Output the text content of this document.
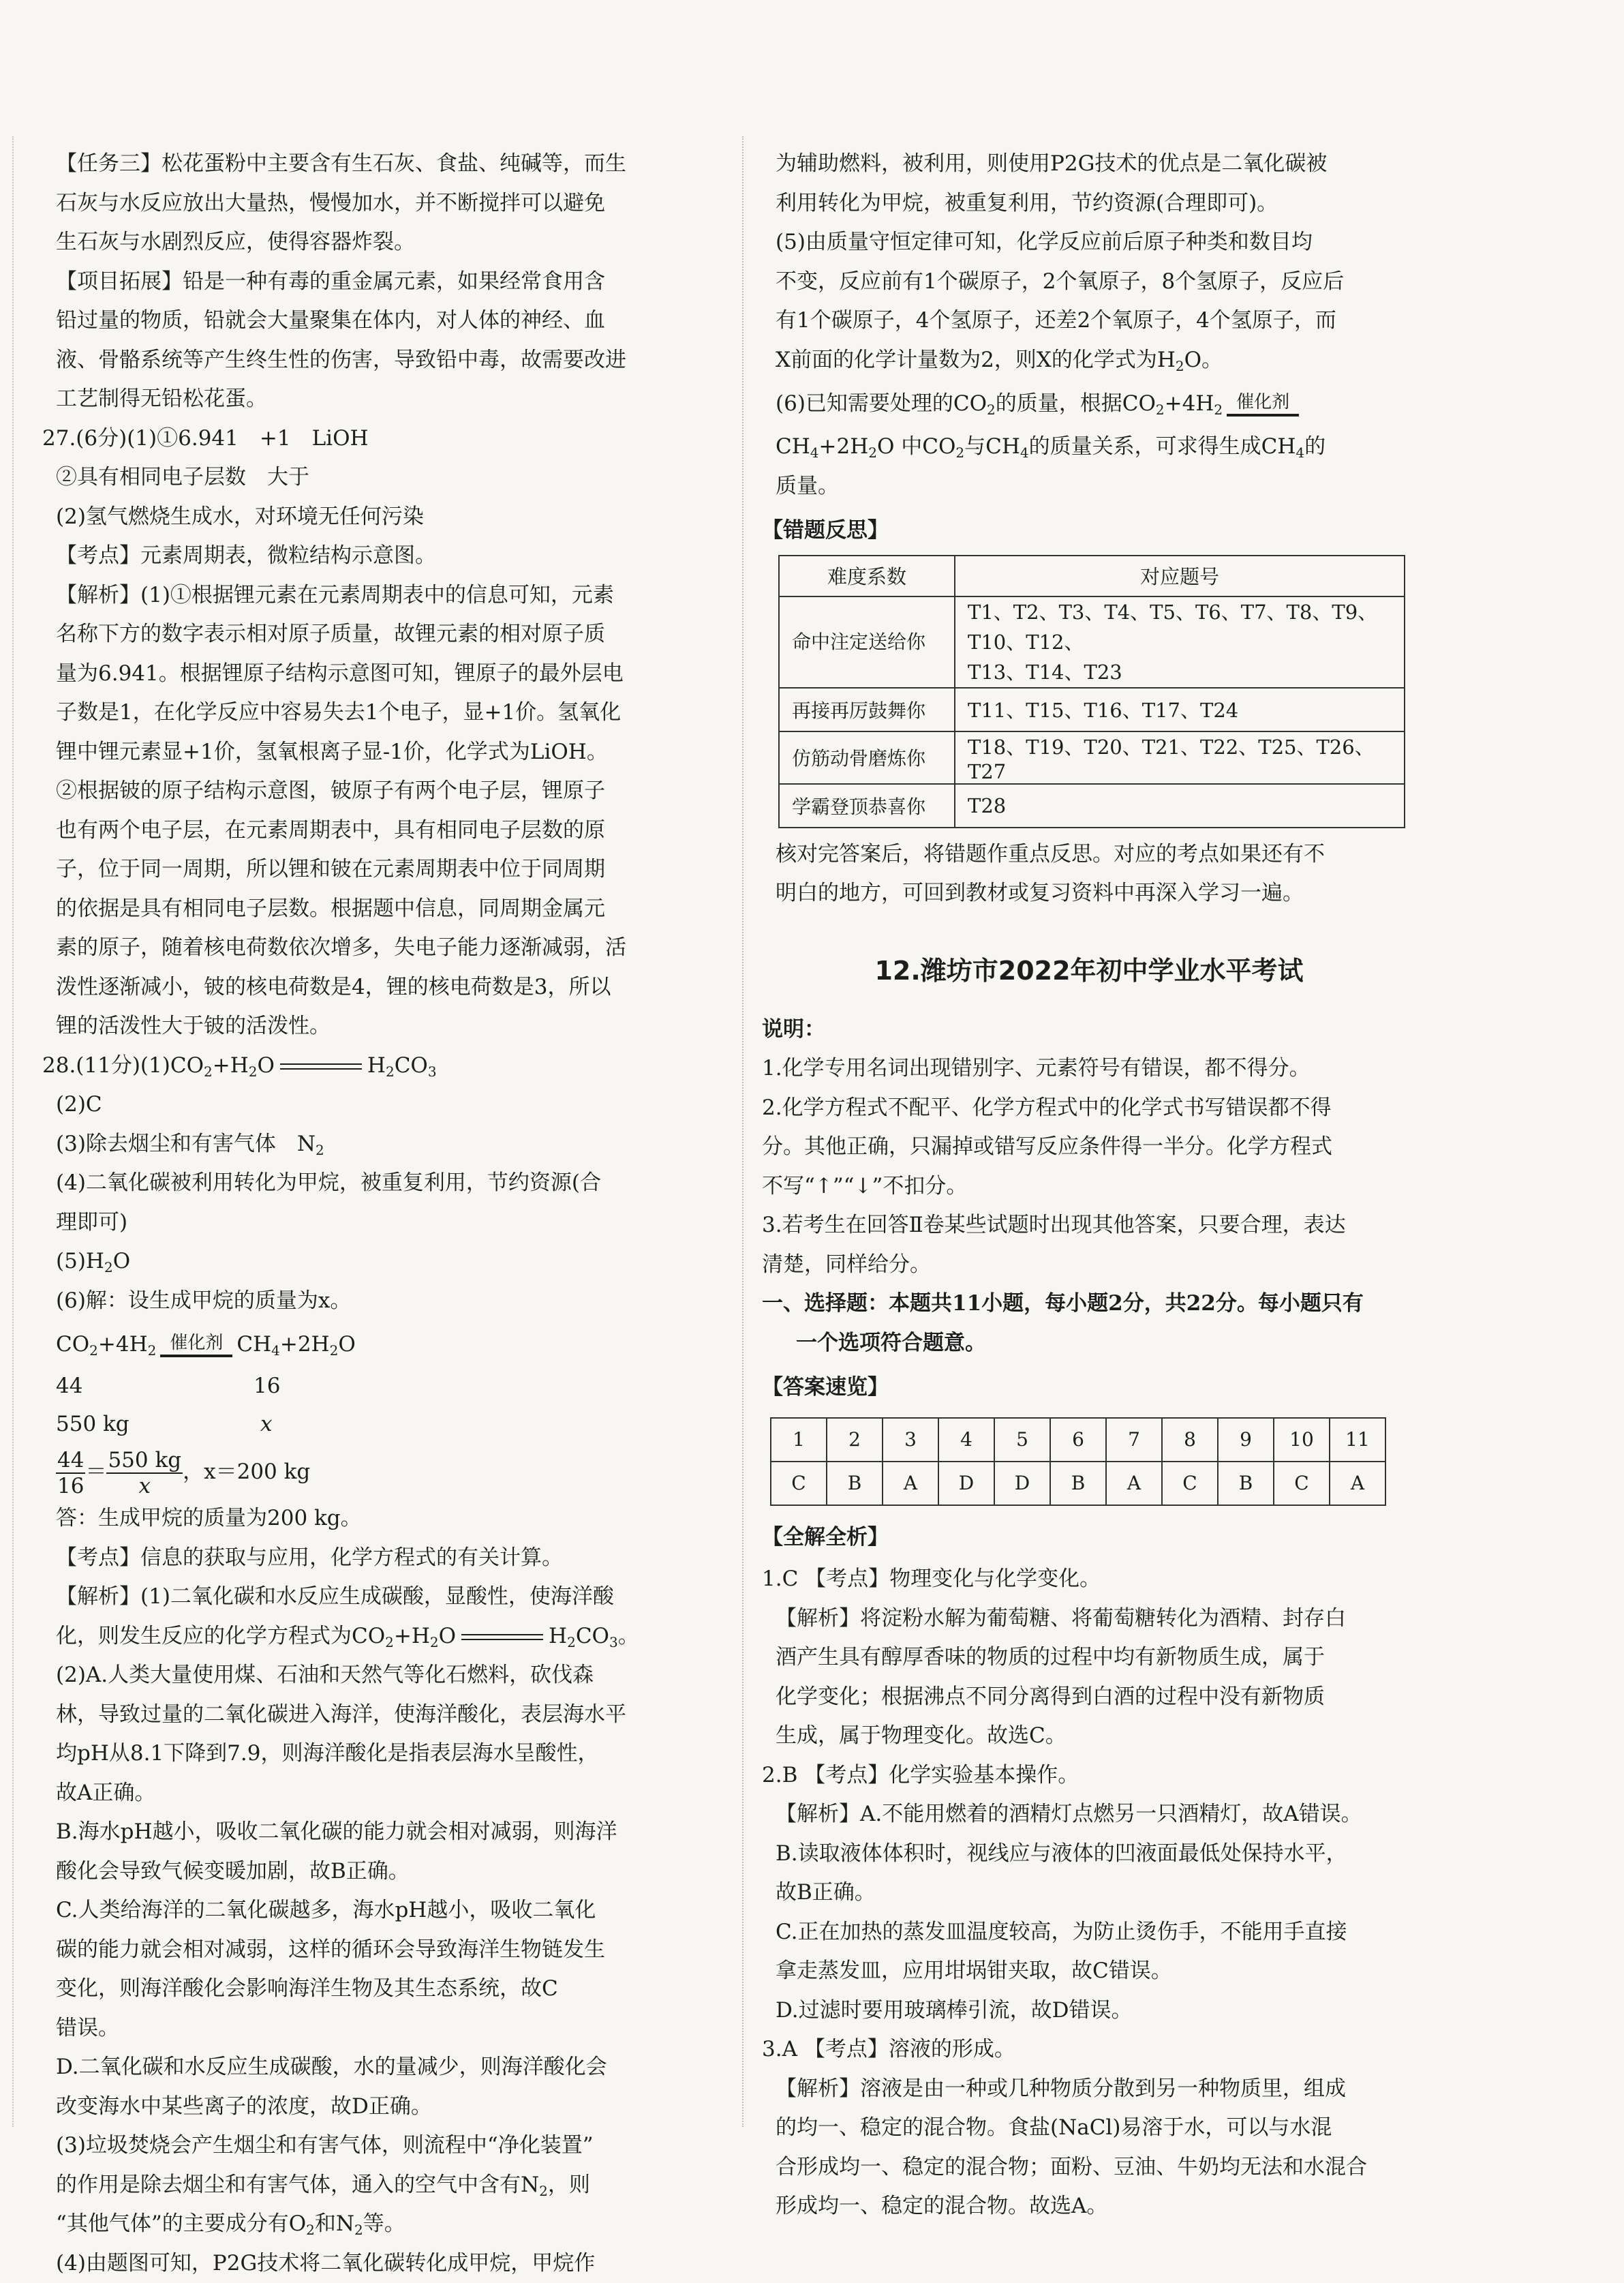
【任务三】松花蛋粉中主要含有生石灰、食盐、纯碱等，而生

石灰与水反应放出大量热，慢慢加水，并不断搅拌可以避免

生石灰与水剧烈反应，使得容器炸裂。

【项目拓展】铅是一种有毒的重金属元素，如果经常食用含

铅过量的物质，铅就会大量聚集在体内，对人体的神经、血

液、骨骼系统等产生终生性的伤害，导致铅中毒，故需要改进

工艺制得无铅松花蛋。

27.(6分)(1)①6.941　+1　LiOH

②具有相同电子层数　大于

(2)氢气燃烧生成水，对环境无任何污染

【考点】元素周期表，微粒结构示意图。

【解析】(1)①根据锂元素在元素周期表中的信息可知，元素

名称下方的数字表示相对原子质量，故锂元素的相对原子质

量为6.941。根据锂原子结构示意图可知，锂原子的最外层电

子数是1，在化学反应中容易失去1个电子，显+1价。氢氧化

锂中锂元素显+1价，氢氧根离子显-1价，化学式为LiOH。

②根据铍的原子结构示意图，铍原子有两个电子层，锂原子

也有两个电子层，在元素周期表中，具有相同电子层数的原

子，位于同一周期，所以锂和铍在元素周期表中位于同周期

的依据是具有相同电子层数。根据题中信息，同周期金属元

素的原子，随着核电荷数依次增多，失电子能力逐渐减弱，活

泼性逐渐减小，铍的核电荷数是4，锂的核电荷数是3，所以

锂的活泼性大于铍的活泼性。

28.(11分)$(1)CO_2+H_2O$	$H_2CO_3$

(2)C

(3)除去烟尘和有害气体　$N_2$

(4)二氧化碳被利用转化为甲烷，被重复利用，节约资源(合

理即可)

$(5)H_2O$

(6)解：设生成甲烷的质量为x。

$CO_2+4H_2$ 催化剂 $CH_4+2H_2O$

44	16

550 kg	x

$\frac{44}{16} = \frac{550 kg}{x}$ ，x＝200 kg

答：生成甲烷的质量为200 kg。

【考点】信息的获取与应用，化学方程式的有关计算。

【解析】(1)二氧化碳和水反应生成碳酸，显酸性，使海洋酸

化，则发生反应的化学方程式为$CO_2+H_2O$	$H_2CO_3$。

(2)A.人类大量使用煤、石油和天然气等化石燃料，砍伐森

林，导致过量的二氧化碳进入海洋，使海洋酸化，表层海水平

均pH从8.1下降到7.9，则海洋酸化是指表层海水呈酸性，

故A正确。

B.海水pH越小，吸收二氧化碳的能力就会相对减弱，则海洋

酸化会导致气候变暖加剧，故B正确。

C.人类给海洋的二氧化碳越多，海水pH越小，吸收二氧化

碳的能力就会相对减弱，这样的循环会导致海洋生物链发生

变化，则海洋酸化会影响海洋生物及其生态系统，故C

错误。

D.二氧化碳和水反应生成碳酸，水的量减少，则海洋酸化会

改变海水中某些离子的浓度，故D正确。

(3)垃圾焚烧会产生烟尘和有害气体，则流程中“净化装置”

的作用是除去烟尘和有害气体，通入的空气中含有$N_2$，则

“其他气体”的主要成分有$O_2$和$N_2$等。

(4)由题图可知，P2G技术将二氧化碳转化成甲烷，甲烷作

为辅助燃料，被利用，则使用P2G技术的优点是二氧化碳被

利用转化为甲烷，被重复利用，节约资源(合理即可)。

(5)由质量守恒定律可知，化学反应前后原子种类和数目均

不变，反应前有1个碳原子，2个氧原子，8个氢原子，反应后

有1个碳原子，4个氢原子，还差2个氧原子，4个氢原子，而

X前面的化学计量数为2，则X的化学式为$H_2O$。

(6)已知需要处理的$CO_2$的质量，根据$CO_2+4H_2$ 催化剂

$CH_4+2H_2O$ 中$CO_2$与$CH_4$的质量关系，可求得生成$CH_4$的

质量。

【错题反思】
难度系数	对应题号
命中注定送给你	T1、T2、T3、T4、T5、T6、T7、T8、T9、T10、T12、
T13、T14、T23
再接再厉鼓舞你	T11、T15、T16、T17、T24
仿筋动骨磨炼你	T18、T19、T20、T21、T22、T25、T26、T27
学霸登顶恭喜你	T28

核对完答案后，将错题作重点反思。对应的考点如果还有不

明白的地方，可回到教材或复习资料中再深入学习一遍。

12.潍坊市2022年初中学业水平考试

说明：

1.化学专用名词出现错别字、元素符号有错误，都不得分。

2.化学方程式不配平、化学方程式中的化学式书写错误都不得

分。其他正确，只漏掉或错写反应条件得一半分。化学方程式

不写“↑”“↓”不扣分。

3.若考生在回答Ⅱ卷某些试题时出现其他答案，只要合理，表达

清楚，同样给分。

一、选择题：本题共11小题，每小题2分，共22分。每小题只有

一个选项符合题意。

【答案速览】
1	2	3	4	5	6	7	8	9	10	11
C	B	A	D	D	B	A	C	B	C	A
【全解全析】

1.C 【考点】物理变化与化学变化。

【解析】将淀粉水解为葡萄糖、将葡萄糖转化为酒精、封存白

酒产生具有醇厚香味的物质的过程中均有新物质生成，属于

化学变化；根据沸点不同分离得到白酒的过程中没有新物质

生成，属于物理变化。故选C。

2.B 【考点】化学实验基本操作。

【解析】A.不能用燃着的酒精灯点燃另一只酒精灯，故A错误。

B.读取液体体积时，视线应与液体的凹液面最低处保持水平，

故B正确。

C.正在加热的蒸发皿温度较高，为防止烫伤手，不能用手直接

拿走蒸发皿，应用坩埚钳夹取，故C错误。

D.过滤时要用玻璃棒引流，故D错误。

3.A 【考点】溶液的形成。

【解析】溶液是由一种或几种物质分散到另一种物质里，组成

的均一、稳定的混合物。食盐(NaCl)易溶于水，可以与水混

合形成均一、稳定的混合物；面粉、豆油、牛奶均无法和水混合

形成均一、稳定的混合物。故选A。
